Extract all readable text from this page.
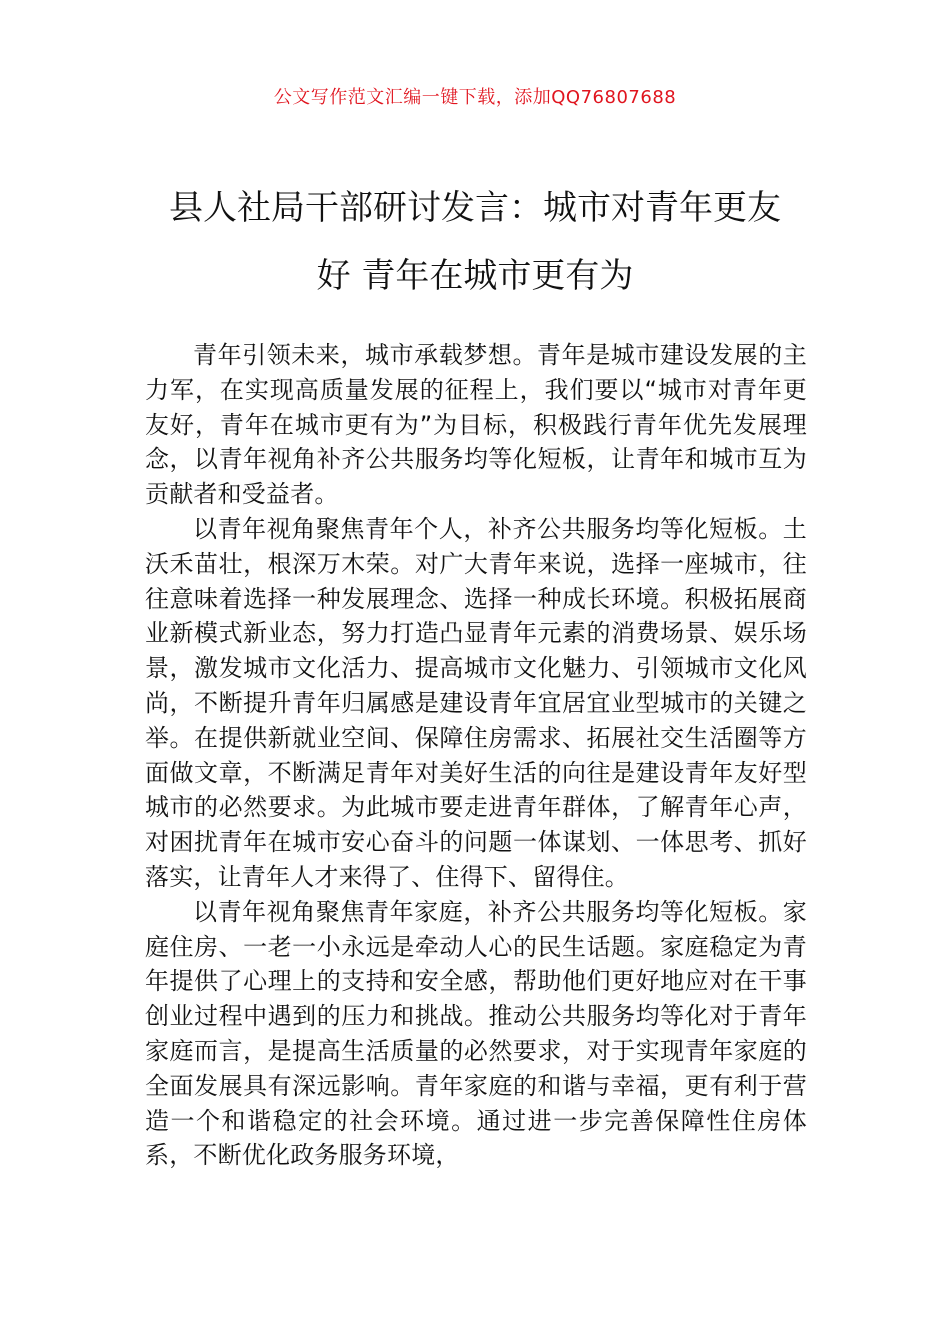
公文写作范文汇编一键下载，添加QQ76807688
县人社局干部研讨发言：城市对青年更友
好 青年在城市更有为

青年引领未来，城市承载梦想。青年是城市建设发展的主力军，在实现高质量发展的征程上，我们要以“城市对青年更友好，青年在城市更有为”为目标，积极践行青年优先发展理念，以青年视角补齐公共服务均等化短板，让青年和城市互为贡献者和受益者。

以青年视角聚焦青年个人，补齐公共服务均等化短板。土沃禾苗壮，根深万木荣。对广大青年来说，选择一座城市，往往意味着选择一种发展理念、选择一种成长环境。积极拓展商业新模式新业态，努力打造凸显青年元素的消费场景、娱乐场景，激发城市文化活力、提高城市文化魅力、引领城市文化风尚，不断提升青年归属感是建设青年宜居宜业型城市的关键之举。在提供新就业空间、保障住房需求、拓展社交生活圈等方面做文章，不断满足青年对美好生活的向往是建设青年友好型城市的必然要求。为此城市要走进青年群体，了解青年心声，对困扰青年在城市安心奋斗的问题一体谋划、一体思考、抓好落实，让青年人才来得了、住得下、留得住。

以青年视角聚焦青年家庭，补齐公共服务均等化短板。家庭住房、一老一小永远是牵动人心的民生话题。家庭稳定为青年提供了心理上的支持和安全感，帮助他们更好地应对在干事创业过程中遇到的压力和挑战。推动公共服务均等化对于青年家庭而言，是提高生活质量的必然要求，对于实现青年家庭的全面发展具有深远影响。青年家庭的和谐与幸福，更有利于营造一个和谐稳定的社会环境。通过进一步完善保障性住房体系，不断优化政务服务环境，
